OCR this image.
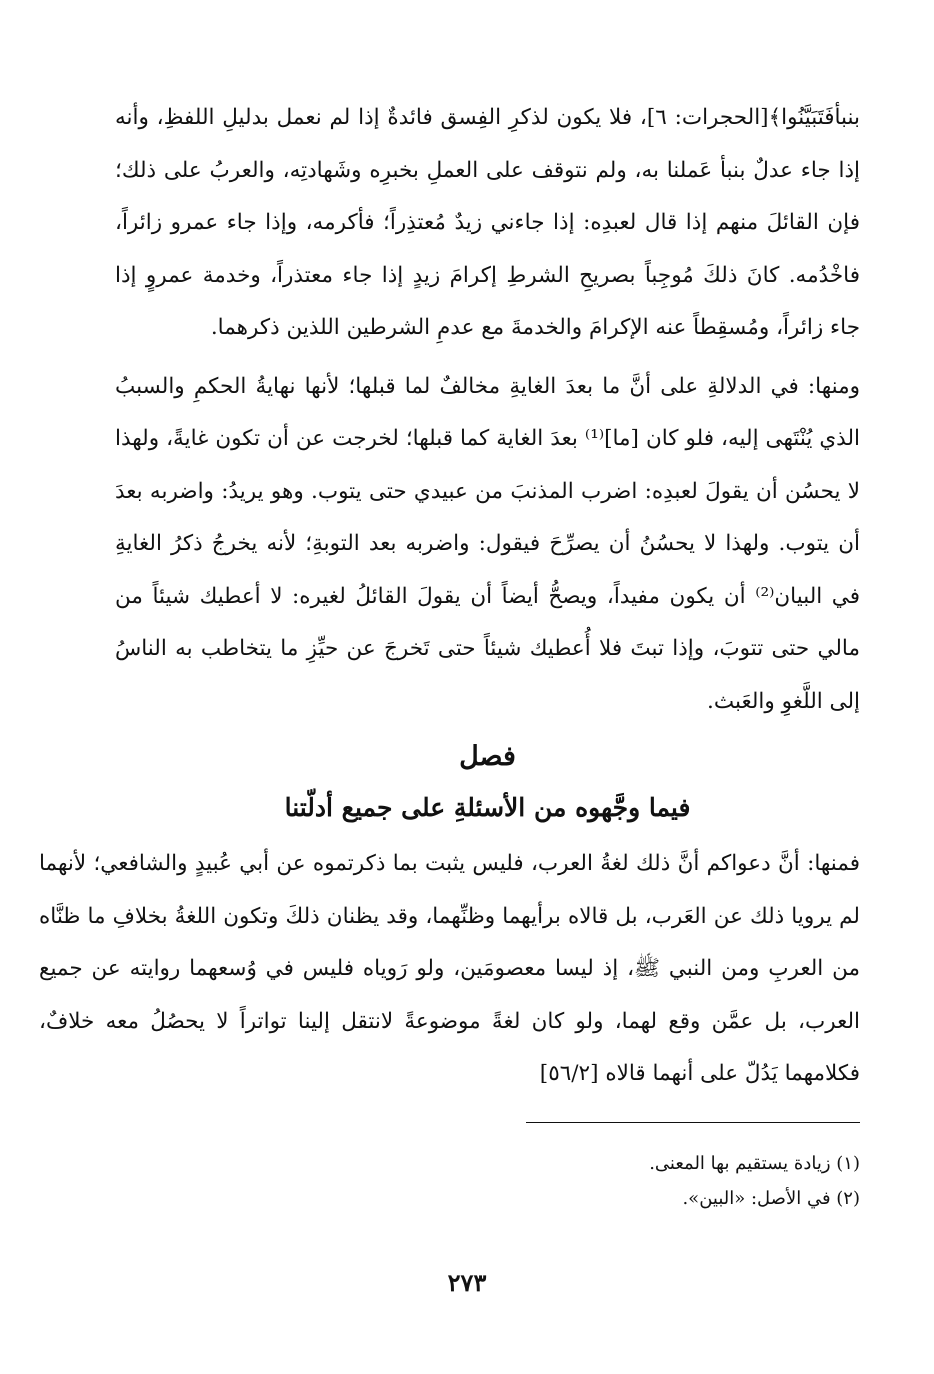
بنبأفَتَبَيَّنُوا﴾[الحجرات: ٦]، فلا يكون لذكرِ الفِسق فائدةٌ إذا لم نعمل بدليلِ اللفظِ، وأنه إذا جاء عدلٌ بنبأ عَملنا به، ولم نتوقف على العملِ بخبرِه وشَهادتِه، والعربُ على ذلك؛ فإن القائلَ منهم إذا قال لعبدِه: إذا جاءني زيدٌ مُعتذِراً؛ فأكرمه، وإذا جاء عمرو زائراً، فاخْدُمه. كانَ ذلكَ مُوجِباً بصريحِ الشرطِ إكرامَ زيدٍ إذا جاء معتذراً، وخدمة عمروٍ إذا جاء زائراً، ومُسقِطاً عنه الإكرامَ والخدمةَ مع عدمِ الشرطين اللذين ذكرهما.

ومنها: في الدلالةِ على أنَّ ما بعدَ الغايةِ مخالفٌ لما قبلها؛ لأنها نهايةُ الحكمِ والسببُ الذي يُنْتَهى إليه، فلو كان [ما]⁽¹⁾ بعدَ الغاية كما قبلها؛ لخرجت عن أن تكون غايةً، ولهذا لا يحسُن أن يقولَ لعبدِه: اضرب المذنبَ من عبيدي حتى يتوب. وهو يريدُ: واضربه بعدَ أن يتوب. ولهذا لا يحسُنُ أن يصرِّحَ فيقول: واضربه بعد التوبةِ؛ لأنه يخرجُ ذكرُ الغايةِ في البيان⁽²⁾ أن يكون مفيداً، ويصحُّ أيضاً أن يقولَ القائلُ لغيره: لا أعطيك شيئاً من مالي حتى تتوبَ، وإذا تبتَ فلا أُعطيك شيئاً حتى تَخرجَ عن حيِّزِ ما يتخاطب به الناسُ إلى اللَّغوِ والعَبث.

فصل
فيما وجَّهوه من الأسئلةِ على جميع أدلّتنا

فمنها: أنَّ دعواكم أنَّ ذلك لغةُ العرب، فليس يثبت بما ذكرتموه عن أبي عُبيدٍ والشافعي؛ لأنهما لم يرويا ذلك عن العَرب، بل قالاه برأيهما وظنِّهما، وقد يظنان ذلكَ وتكون اللغةُ بخلافِ ما ظنَّاه من العربِ ومن النبي ﷺ، إذ ليسا معصومَين، ولو رَوياه فليس في وُسعهما روايته عن جميع العرب، بل عمَّن وقع لهما، ولو كان لغةً موضوعةً لانتقل إلينا تواتراً لا يحصُلُ معه خلافٌ، فكلامهما يَدُلّ على أنهما قالاه [٥٦/٢]

(١) زيادة يستقيم بها المعنى.

(٢) في الأصل: «البين».

٢٧٣
